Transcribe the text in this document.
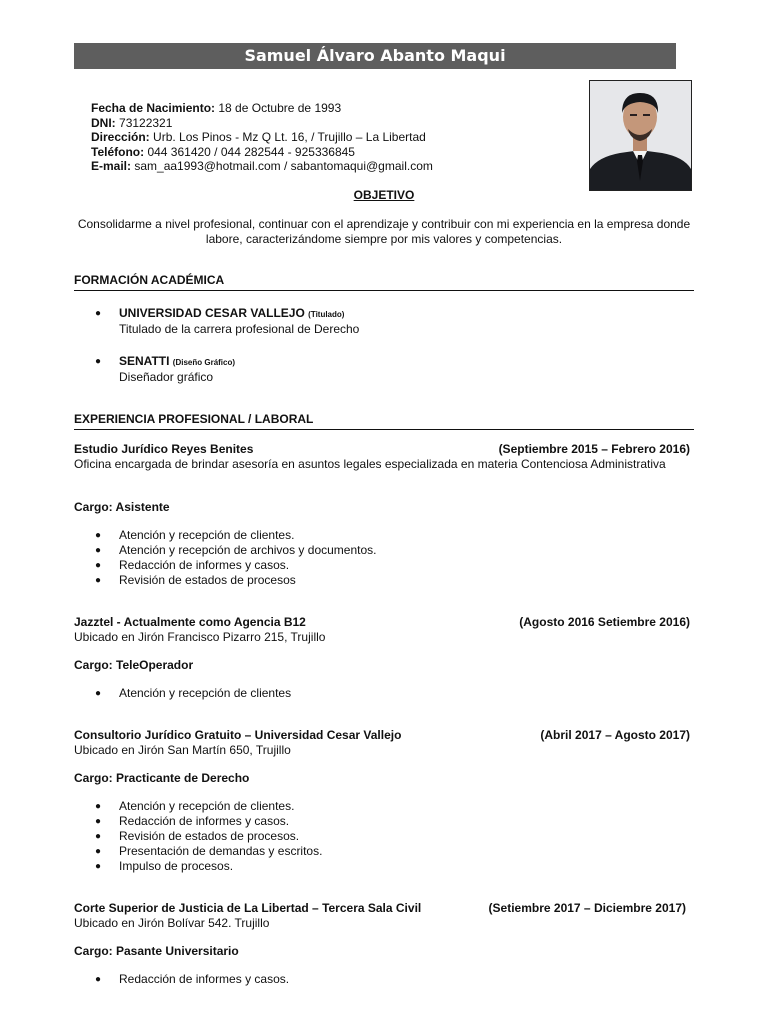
Samuel Álvaro Abanto Maqui
Fecha de Nacimiento: 18 de Octubre de 1993
DNI: 73122321
Dirección: Urb. Los Pinos - Mz Q Lt. 16, / Trujillo – La Libertad
Teléfono: 044 361420 / 044 282544 - 925336845
E-mail: sam_aa1993@hotmail.com / sabantomaqui@gmail.com
OBJETIVO
Consolidarme a nivel profesional, continuar con el aprendizaje y contribuir con mi experiencia en la empresa donde labore, caracterizándome siempre por mis valores y competencias.
FORMACIÓN ACADÉMICA
● UNIVERSIDAD CESAR VALLEJO (Titulado)
Titulado de la carrera profesional de Derecho
● SENATTI (Diseño Gráfico)
Diseñador gráfico
EXPERIENCIA PROFESIONAL / LABORAL
Estudio Jurídico Reyes Benites	(Septiembre 2015 – Febrero 2016)
Oficina encargada de brindar asesoría en asuntos legales especializada en materia Contenciosa Administrativa
Cargo: Asistente
● Atención y recepción de clientes.
● Atención y recepción de archivos y documentos.
● Redacción de informes y casos.
● Revisión de estados de procesos
Jazztel - Actualmente como Agencia B12	(Agosto 2016 Setiembre 2016)
Ubicado en Jirón Francisco Pizarro 215, Trujillo
Cargo: TeleOperador
● Atención y recepción de clientes
Consultorio Jurídico Gratuito – Universidad Cesar Vallejo	(Abril 2017 – Agosto 2017)
Ubicado en Jirón San Martín 650, Trujillo
Cargo: Practicante de Derecho
● Atención y recepción de clientes.
● Redacción de informes y casos.
● Revisión de estados de procesos.
● Presentación de demandas y escritos.
● Impulso de procesos.
Corte Superior de Justicia de La Libertad – Tercera Sala Civil	(Setiembre 2017 – Diciembre 2017)
Ubicado en Jirón Bolívar 542. Trujillo
Cargo: Pasante Universitario
● Redacción de informes y casos.
